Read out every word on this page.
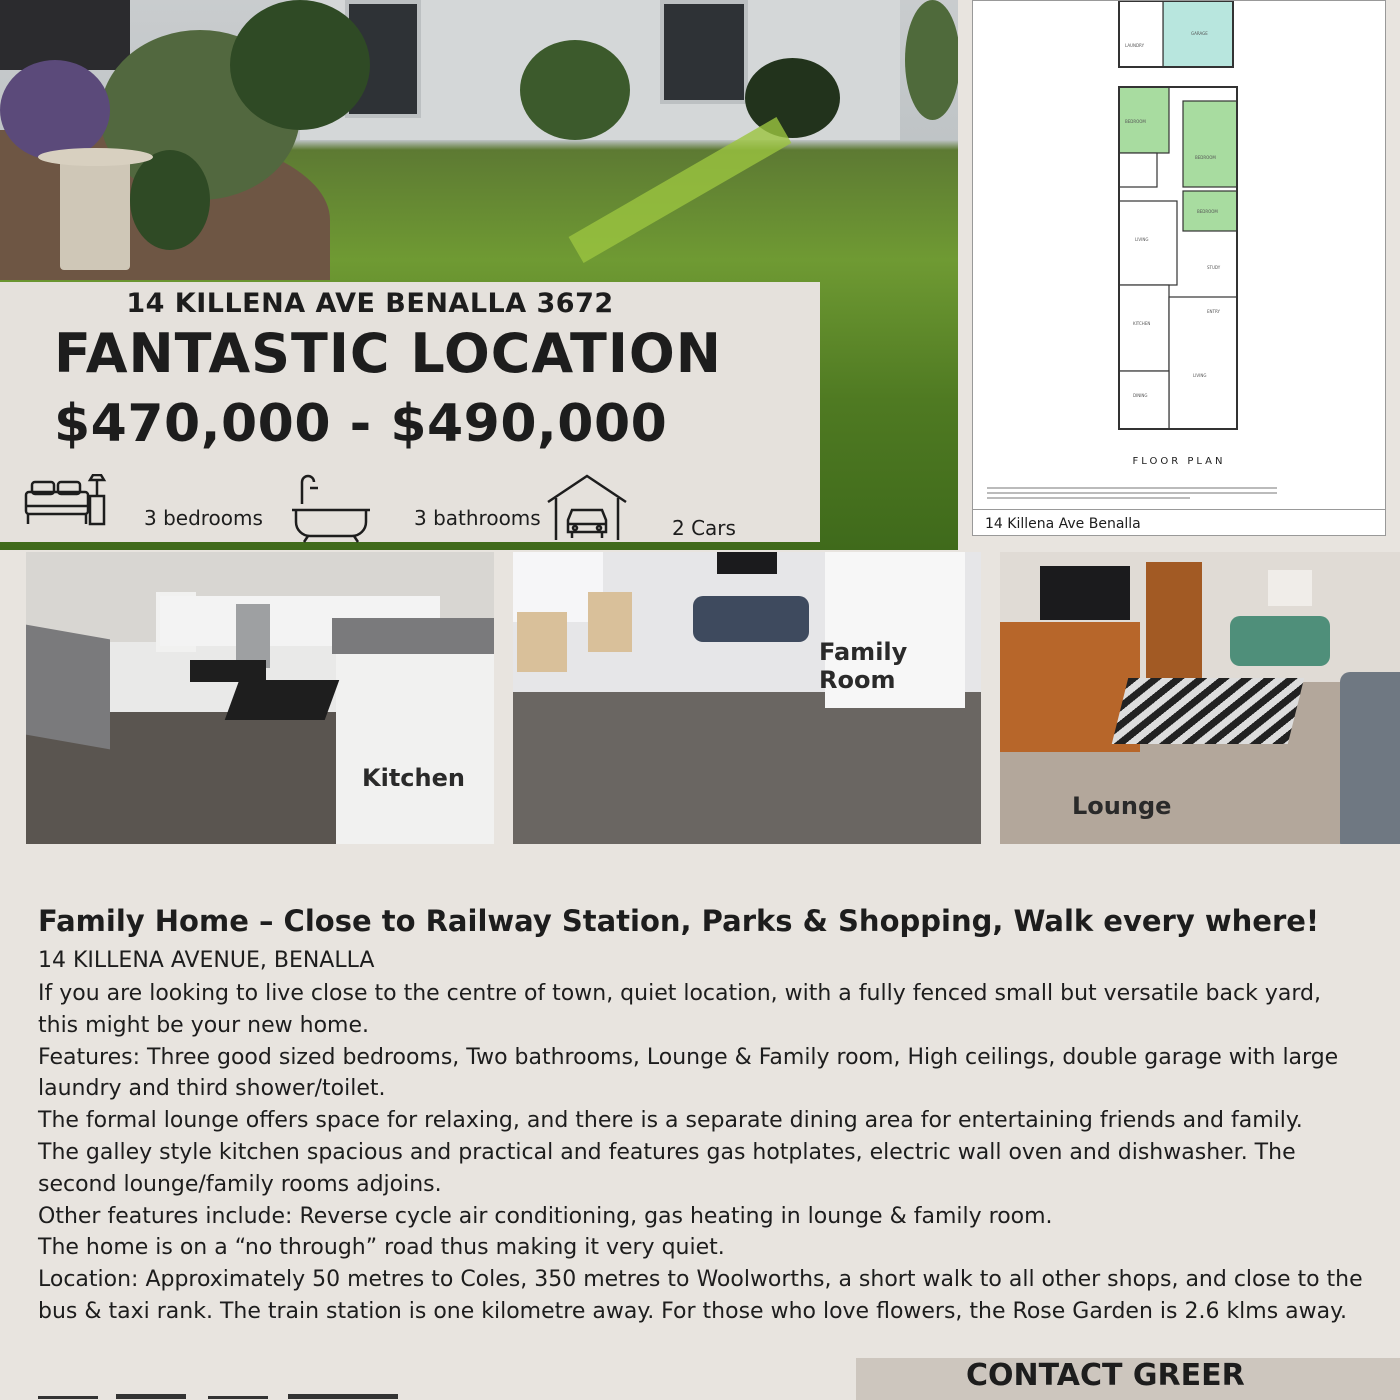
14 KILLENA AVE BENALLA 3672
FANTASTIC LOCATION
$470,000 - $490,000
3 bedrooms	3 bathrooms	2 Cars
GARAGE
LAUNDRY
BEDROOM
BEDROOM
BEDROOM
LIVING
STUDY
ENTRY
KITCHEN
LIVING
DINING
FLOOR PLAN
14 Killena Ave Benalla
Kitchen
Family Room
Lounge
Family Home – Close to Railway Station, Parks & Shopping, Walk every where!
14 KILLENA AVENUE, BENALLA

If you are looking to live close to the centre of town, quiet location, with a fully fenced small but versatile back yard, this might be your new home.

Features: Three good sized bedrooms, Two bathrooms, Lounge & Family room, High ceilings, double garage with large laundry and third shower/toilet.

The formal lounge offers space for relaxing, and there is a separate dining area for entertaining friends and family.

The galley style kitchen spacious and practical and features gas hotplates, electric wall oven and dishwasher. The second lounge/family rooms adjoins.

Other features include: Reverse cycle air conditioning, gas heating in lounge & family room.

The home is on a “no through” road thus making it very quiet.

Location: Approximately 50 metres to Coles, 350 metres to Woolworths, a short walk to all other shops, and close to the bus & taxi rank. The train station is one kilometre away. For those who love flowers, the Rose Garden is 2.6 klms away.

CONTACT GREER
